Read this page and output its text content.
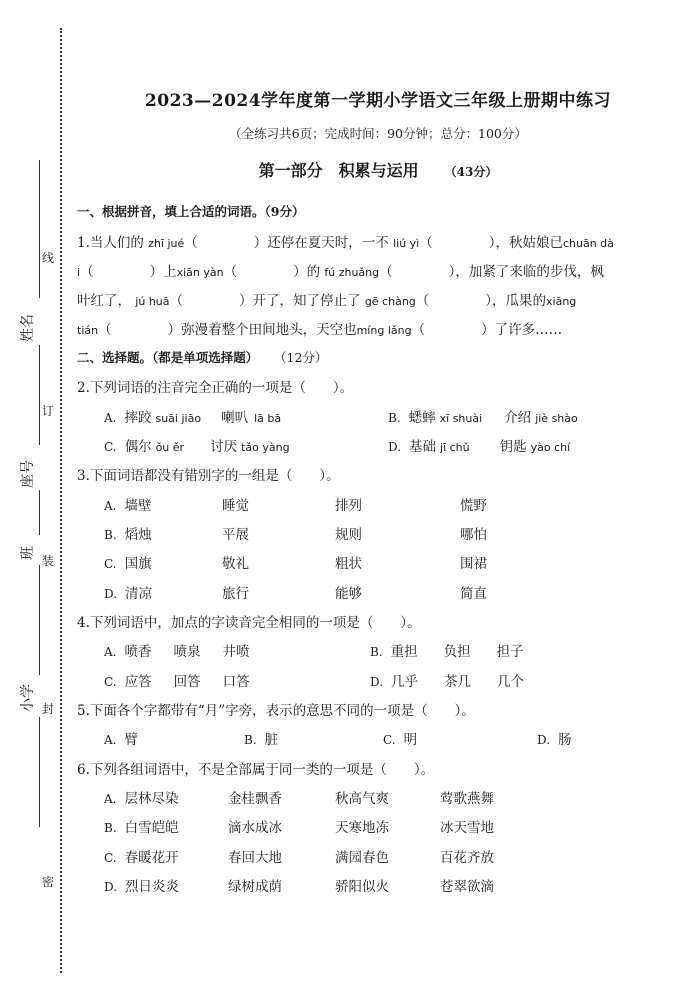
线
订
装
封
密
姓名
座号
班
小学
2023—2024学年度第一学期小学语文三年级上册期中练习
（全练习共6页；完成时间：90分钟；总分：100分）
第一部分　积累与运用 （43分）
一、根据拼音，填上合适的词语。（9分）
1.当人们的 zhī jué（	）还停在夏天时，一不 liú yì（	），秋姑娘已chuān dà
i（	）上xiān yàn（	）的 fú zhuǎng（	），加紧了来临的步伐，枫
叶红了， jú huā（	）开了，知了停止了 gē chàng（	），瓜果的xiāng
tián（	）弥漫着整个田间地头，天空也míng lǎng（	）了许多……
二、选择题。（都是单项选择题） （12分）
2.下列词语的注音完全正确的一项是（　　）。
A. 摔跤 suāi jiāo 喇叭 lā bā	B. 蟋蟀 xī shuài 介绍 jiè shào
C. 偶尔 ǒu ěr 讨厌 tǎo yàng	D. 基础 jī chǔ 钥匙 yào chí
3.下面词语都没有错别字的一组是（　　）。
A. 墙壁	睡觉	排列	慌野
B. 熖烛	平展	规则	哪怕
C. 国旗	敬礼	粗状	围裙
D. 清凉	旅行	能够	简直
4.下列词语中，加点的字读音完全相同的一项是（　　）。
A. 喷香 喷泉 井喷	B. 重担 负担 担子
C. 应答 回答 口答	D. 几乎 茶几 几个
5.下面各个字都带有“月”字旁，表示的意思不同的一项是（　　）。
A. 臂	B. 脏	C. 明	D. 肠
6.下列各组词语中，不是全部属于同一类的一项是（　　）。
A. 层林尽染	金桂飘香	秋高气爽	莺歌燕舞
B. 白雪皑皑	滴水成冰	天寒地冻	冰天雪地
C. 春暖花开	春回大地	满园春色	百花齐放
D. 烈日炎炎	绿树成荫	骄阳似火	苍翠欲滴
